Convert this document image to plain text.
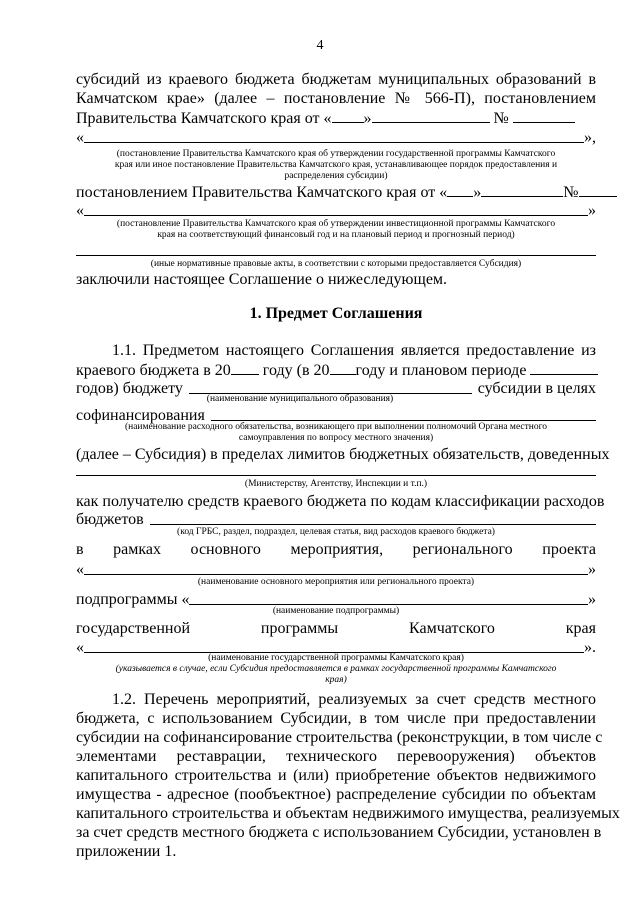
4
субсидий из краевого бюджета бюджетам муниципальных образований в
Камчатском крае» (далее – постановление № 566-П), постановлением
Правительства Камчатского края от « »	№
«	»,
(постановление Правительства Камчатского края об утверждении государственной программы Камчатского
края или иное постановление Правительства Камчатского края, устанавливающее порядок предоставления и
распределения субсидии)
постановлением Правительства Камчатского края от « »	№
«	»
(постановление Правительства Камчатского края об утверждении инвестиционной программы Камчатского
края на соответствующий финансовый год и на плановый период и прогнозный период)
(иные нормативные правовые акты, в соответствии с которыми предоставляется Субсидия)
заключили настоящее Соглашение о нижеследующем.
1. Предмет Соглашения
1.1. Предметом настоящего Соглашения является предоставление из
краевого бюджета в 20 году (в 20 году и плановом периоде
годов) бюджету	субсидии в целях
(наименование муниципального образования)
софинансирования
(наименование расходного обязательства, возникающего при выполнении полномочий Органа местного
самоуправления по вопросу местного значения)
(далее – Субсидия) в пределах лимитов бюджетных обязательств, доведенных
(Министерству, Агентству, Инспекции и т.п.)
как получателю средств краевого бюджета по кодам классификации расходов
бюджетов
(код ГРБС, раздел, подраздел, целевая статья, вид расходов краевого бюджета)
в рамках основного мероприятия, регионального проекта
«	»
(наименование основного мероприятия или регионального проекта)
подпрограммы «	»
(наименование подпрограммы)
государственной	программы	Камчатского	края
«	».
(наименование государственной программы Камчатского края)
(указывается в случае, если Субсидия предоставляется в рамках государственной программы Камчатского
края)
1.2. Перечень мероприятий, реализуемых за счет средств местного
бюджета, с использованием Субсидии, в том числе при предоставлении
субсидии на софинансирование строительства (реконструкции, в том числе с
элементами реставрации, технического перевооружения) объектов
капитального строительства и (или) приобретение объектов недвижимого
имущества - адресное (пообъектное) распределение субсидии по объектам
капитального строительства и объектам недвижимого имущества, реализуемых
за счет средств местного бюджета с использованием Субсидии, установлен в
приложении 1.
